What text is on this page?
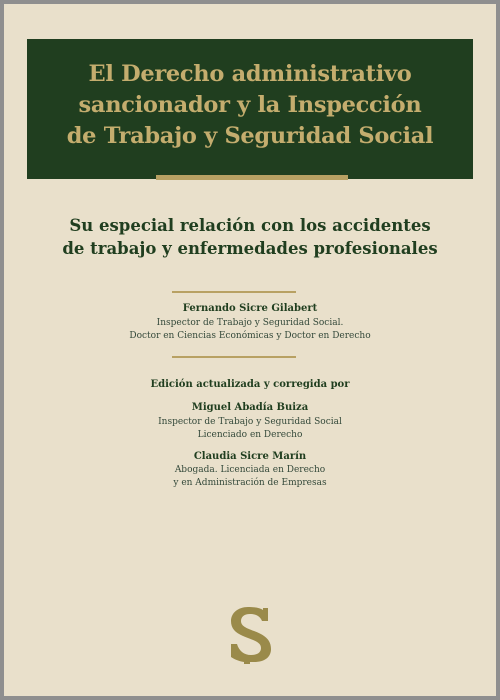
El Derecho administrativo
sancionador y la Inspección
de Trabajo y Seguridad Social
Su especial relación con los accidentes
de trabajo y enfermedades profesionales

Fernando Sicre Gilabert

Inspector de Trabajo y Seguridad Social.

Doctor en Ciencias Económicas y Doctor en Derecho

Edición actualizada y corregida por

Miguel Abadía Buiza

Inspector de Trabajo y Seguridad Social

Licenciado en Derecho

Claudia Sicre Marín

Abogada. Licenciada en Derecho

y en Administración de Empresas
